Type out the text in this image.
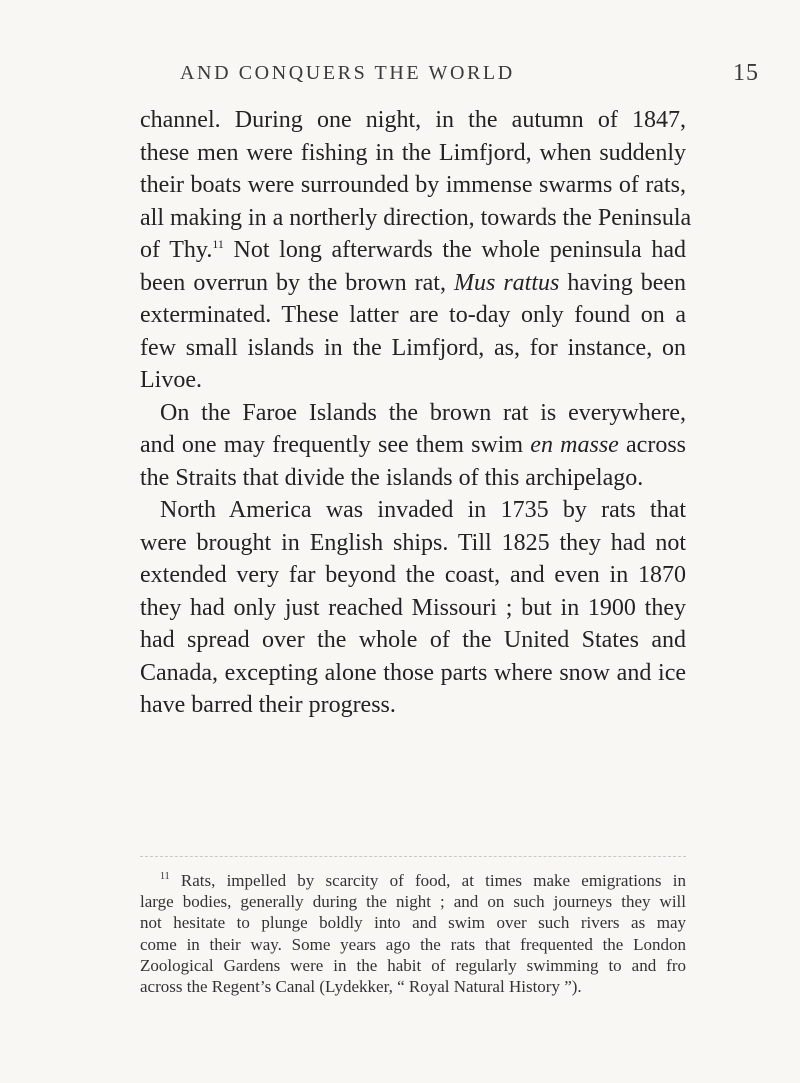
AND CONQUERS THE WORLD	15
channel. During one night, in the autumn of 1847,
these men were fishing in the Limfjord, when suddenly
their boats were surrounded by immense swarms of rats,
all making in a northerly direction, towards the Peninsula
of Thy.$^{11}$ Not long afterwards the whole peninsula had
been overrun by the brown rat, Mus rattus having been
exterminated. These latter are to-day only found on a
few small islands in the Limfjord, as, for instance, on
Livoe.
On the Faroe Islands the brown rat is everywhere,
and one may frequently see them swim en masse across
the Straits that divide the islands of this archipelago.
North America was invaded in 1735 by rats that
were brought in English ships. Till 1825 they had not
extended very far beyond the coast, and even in 1870
they had only just reached Missouri ; but in 1900 they
had spread over the whole of the United States and
Canada, excepting alone those parts where snow and ice
have barred their progress.
$^{11}$ Rats, impelled by scarcity of food, at times make emigrations in
large bodies, generally during the night ; and on such journeys they will
not hesitate to plunge boldly into and swim over such rivers as may
come in their way. Some years ago the rats that frequented the London
Zoological Gardens were in the habit of regularly swimming to and fro
across the Regent’s Canal (Lydekker, “ Royal Natural History ”).
